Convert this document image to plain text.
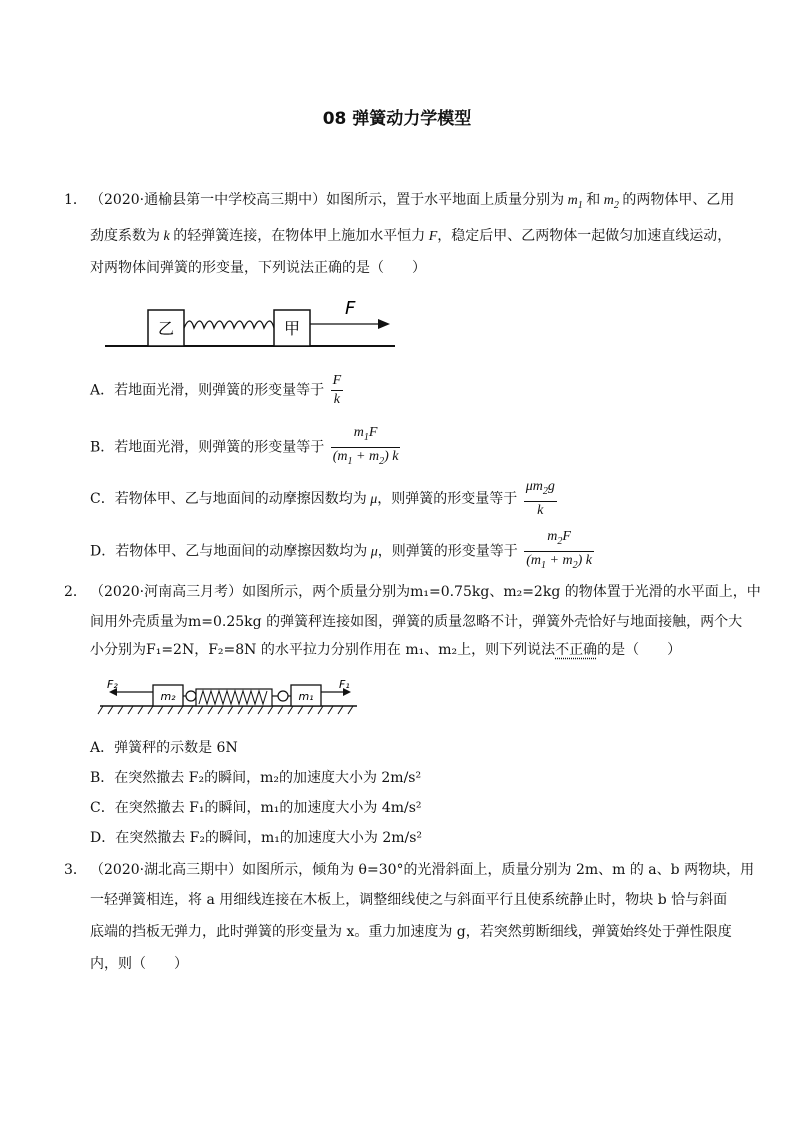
08 弹簧动力学模型
1． （2020·通榆县第一中学校高三期中）如图所示，置于水平地面上质量分别为 $m_1$ 和 $m_2$ 的两物体甲、乙用
劲度系数为 k 的轻弹簧连接，在物体甲上施加水平恒力 F，稳定后甲、乙两物体一起做匀加速直线运动，
对两物体间弹簧的形变量，下列说法正确的是（　　）
乙	甲
F
A．若地面光滑，则弹簧的形变量等于 $\frac{F}{k}$
B．若地面光滑，则弹簧的形变量等于 $\frac{m_1F}{(m_1 + m_2) k}$
C．若物体甲、乙与地面间的动摩擦因数均为 μ，则弹簧的形变量等于 $\frac{\mu m_2g}{k}$
D．若物体甲、乙与地面间的动摩擦因数均为 μ，则弹簧的形变量等于 $\frac{m_2F}{(m_1 + m_2) k}$
2． （2020·河南高三月考）如图所示，两个质量分别为m₁=0.75kg、m₂=2kg 的物体置于光滑的水平面上，中
间用外壳质量为m=0.25kg 的弹簧秤连接如图，弹簧的质量忽略不计，弹簧外壳恰好与地面接触，两个大
小分别为F₁=2N，F₂=8N 的水平拉力分别作用在 m₁、m₂上，则下列说法不正确的是（　　）
F₂
m₂	m₁
F₁
A．弹簧秤的示数是 6N
B．在突然撤去 F₂的瞬间，m₂的加速度大小为 2m/s²
C．在突然撤去 F₁的瞬间，m₁的加速度大小为 4m/s²
D．在突然撤去 F₂的瞬间，m₁的加速度大小为 2m/s²
3． （2020·湖北高三期中）如图所示，倾角为 θ=30°的光滑斜面上，质量分别为 2m、m 的 a、b 两物块，用
一轻弹簧相连，将 a 用细线连接在木板上，调整细线使之与斜面平行且使系统静止时，物块 b 恰与斜面
底端的挡板无弹力，此时弹簧的形变量为 x。重力加速度为 g，若突然剪断细线，弹簧始终处于弹性限度
内，则（　　）
